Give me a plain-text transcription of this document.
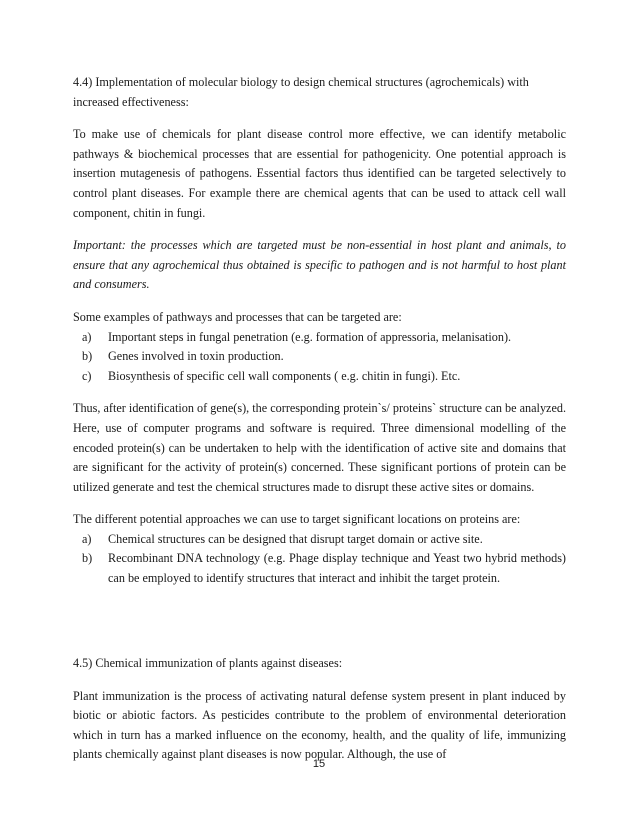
4.4) Implementation of molecular biology to design chemical structures (agrochemicals) with increased effectiveness:

To make use of chemicals for plant disease control more effective, we can identify metabolic pathways & biochemical processes that are essential for pathogenicity. One potential approach is insertion mutagenesis of pathogens. Essential factors thus identified can be targeted selectively to control plant diseases. For example there are chemical agents that can be used to attack cell wall component, chitin in fungi.

Important: the processes which are targeted must be non-essential in host plant and animals, to ensure that any agrochemical thus obtained is specific to pathogen and is not harmful to host plant and consumers.

Some examples of pathways and processes that can be targeted are:

a)	Important steps in fungal penetration (e.g. formation of appressoria, melanisation).
b)	Genes involved in toxin production.
c)	Biosynthesis of specific cell wall components ( e.g. chitin in fungi). Etc.

Thus, after identification of gene(s), the corresponding protein`s/ proteins` structure can be analyzed. Here, use of computer programs and software is required. Three dimensional modelling of the encoded protein(s) can be undertaken to help with the identification of active site and domains that are significant for the activity of protein(s) concerned. These significant portions of protein can be utilized generate and test the chemical structures made to disrupt these active sites or domains.

The different potential approaches we can use to target significant locations on proteins are:

a)	Chemical structures can be designed that disrupt target domain or active site.
b)	Recombinant DNA technology (e.g. Phage display technique and Yeast two hybrid methods) can be employed to identify structures that interact and inhibit the target protein.

4.5) Chemical immunization of plants against diseases:

Plant immunization is the process of activating natural defense system present in plant induced by biotic or abiotic factors. As pesticides contribute to the problem of environmental deterioration which in turn has a marked influence on the economy, health, and the quality of life, immunizing plants chemically against plant diseases is now popular. Although, the use of

15
